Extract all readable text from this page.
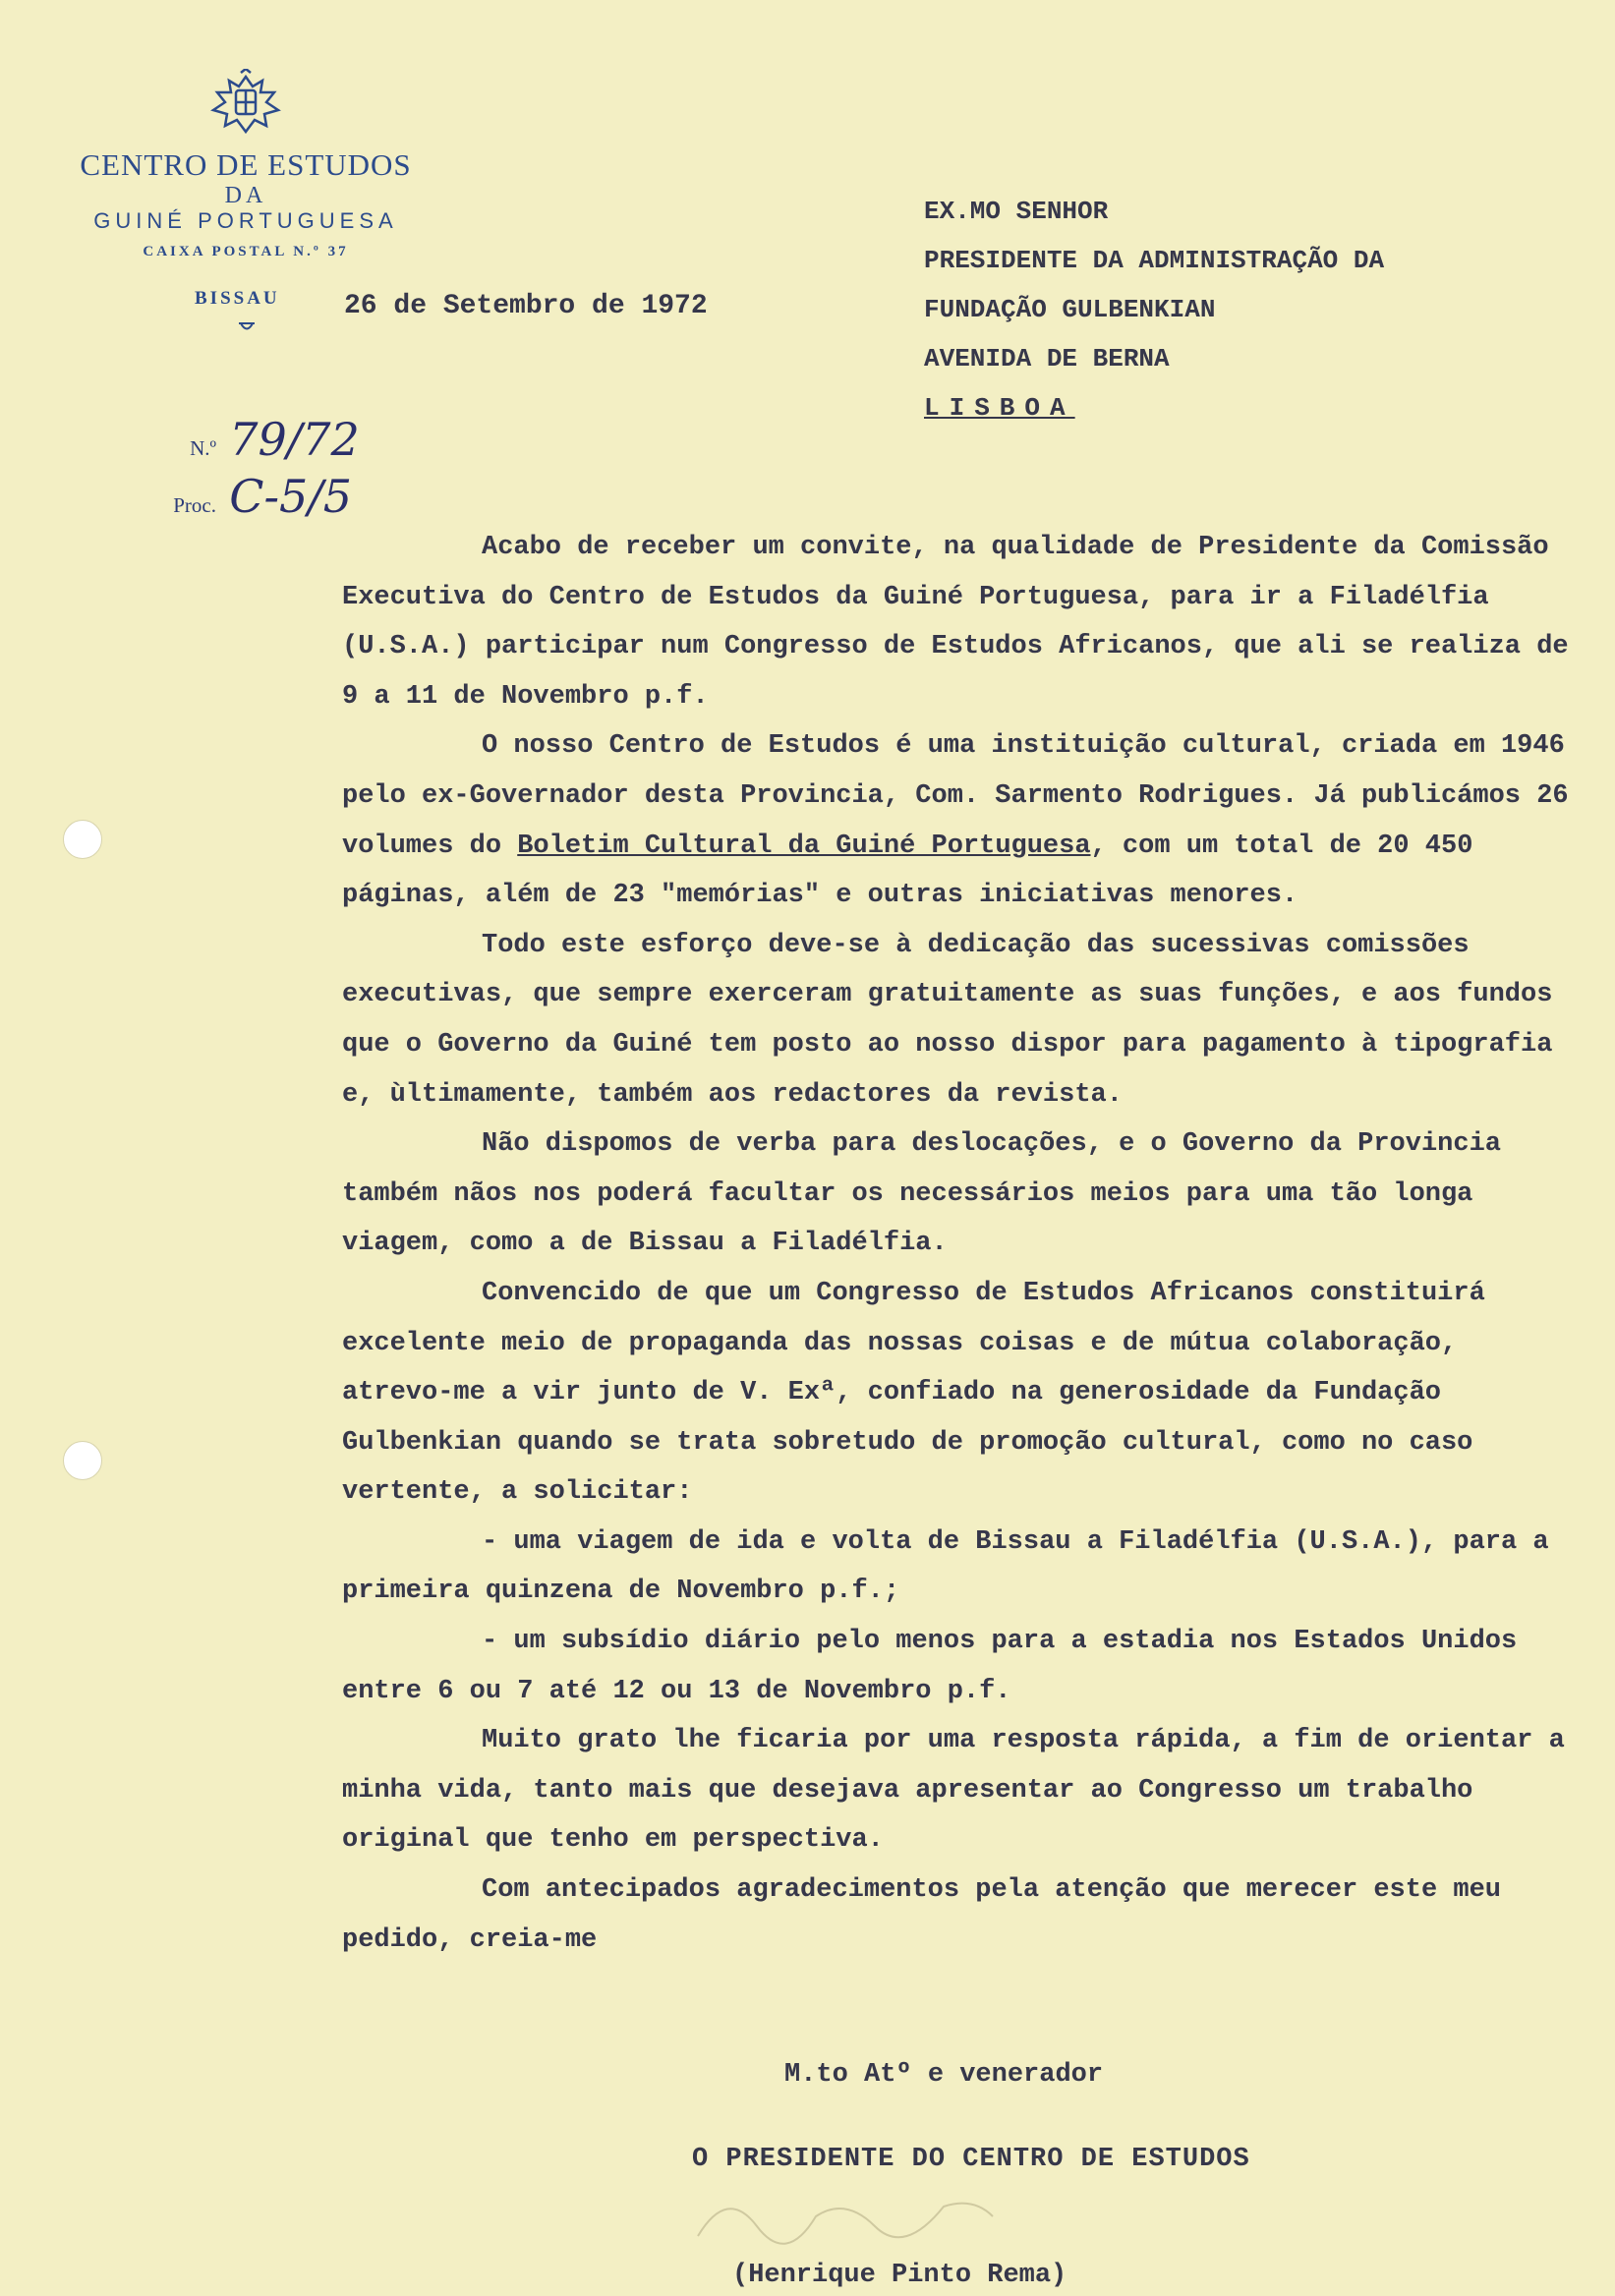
CENTRO DE ESTUDOS
DA
GUINÉ PORTUGUESA
CAIXA POSTAL N.º 37
BISSAU 26 de Setembro de 1972
EX.MO SENHOR
PRESIDENTE DA ADMINISTRAÇÃO DA
FUNDAÇÃO GULBENKIAN
AVENIDA DE BERNA
LISBOA
N.º 79/72
Proc. C-5/5

Acabo de receber um convite, na qualidade de Presidente da Comissão Executiva do Centro de Estudos da Guiné Portuguesa, para ir a Filadélfia (U.S.A.) participar num Congresso de Estudos Africanos, que ali se realiza de 9 a 11 de Novembro p.f.

O nosso Centro de Estudos é uma instituição cultural, criada em 1946 pelo ex-Governador desta Provincia, Com. Sarmento Rodrigues. Já publicámos 26 volumes do Boletim Cultural da Guiné Portuguesa, com um total de 20 450 páginas, além de 23 "memórias" e outras iniciativas menores.

Todo este esforço deve-se à dedicação das sucessivas comissões executivas, que sempre exerceram gratuitamente as suas funções, e aos fundos que o Governo da Guiné tem posto ao nosso dispor para pagamento à tipografia e, ùltimamente, também aos redactores da revista.

Não dispomos de verba para deslocações, e o Governo da Provincia também nãos nos poderá facultar os necessários meios para uma tão longa viagem, como a de Bissau a Filadélfia.

Convencido de que um Congresso de Estudos Africanos constituirá excelente meio de propaganda das nossas coisas e de mútua colaboração, atrevo-me a vir junto de V. Exª, confiado na generosidade da Fundação Gulbenkian quando se trata sobretudo de promoção cultural, como no caso vertente, a solicitar:

- uma viagem de ida e volta de Bissau a Filadélfia (U.S.A.), para a primeira quinzena de Novembro p.f.;

- um subsídio diário pelo menos para a estadia nos Estados Unidos entre 6 ou 7 até 12 ou 13 de Novembro p.f.

Muito grato lhe ficaria por uma resposta rápida, a fim de orientar a minha vida, tanto mais que desejava apresentar ao Congresso um trabalho original que tenho em perspectiva.

Com antecipados agradecimentos pela atenção que merecer este meu pedido, creia-me

M.to Atº e venerador
O PRESIDENTE DO CENTRO DE ESTUDOS
(Henrique Pinto Rema)
